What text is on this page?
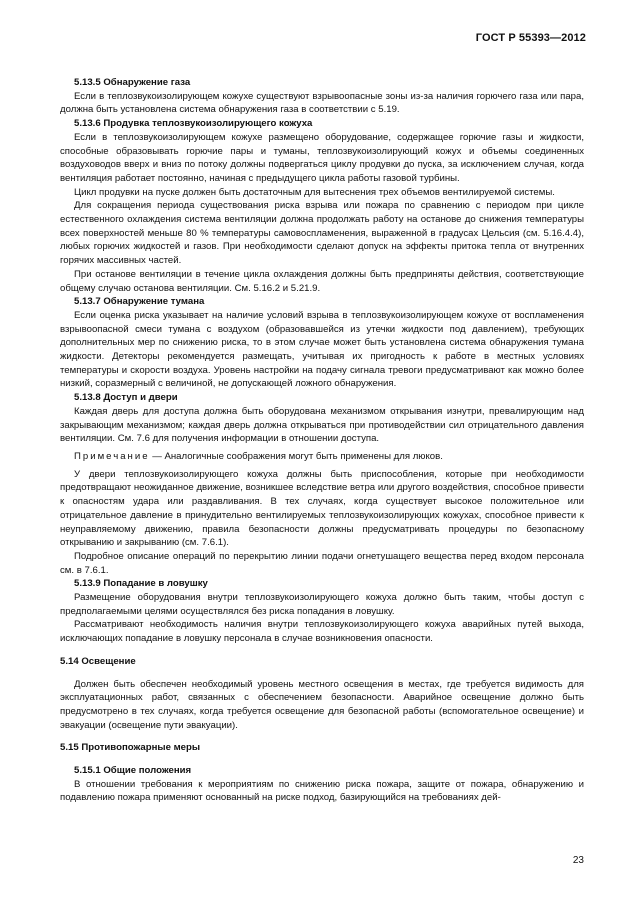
ГОСТ Р 55393—2012

5.13.5 Обнаружение газа

Если в теплозвукоизолирующем кожухе существуют взрывоопасные зоны из-за наличия горючего газа или пара, должна быть установлена система обнаружения газа в соответствии с 5.19.

5.13.6 Продувка теплозвукоизолирующего кожуха

Если в теплозвукоизолирующем кожухе размещено оборудование, содержащее горючие газы и жидкости, способные образовывать горючие пары и туманы, теплозвукоизолирующий кожух и объемы соединенных воздуховодов вверх и вниз по потоку должны подвергаться циклу продувки до пуска, за исключением случая, когда вентиляция работает постоянно, начиная с предыдущего цикла работы газовой турбины.

Цикл продувки на пуске должен быть достаточным для вытеснения трех объемов вентилируемой системы.

Для сокращения периода существования риска взрыва или пожара по сравнению с периодом при цикле естественного охлаждения система вентиляции должна продолжать работу на останове до снижения температуры всех поверхностей меньше 80 % температуры самовоспламенения, выраженной в градусах Цельсия (см. 5.16.4.4), любых горючих жидкостей и газов. При необходимости сделают допуск на эффекты притока тепла от внутренних горячих массивных частей.

При останове вентиляции в течение цикла охлаждения должны быть предприняты действия, соответствующие общему случаю останова вентиляции. См. 5.16.2 и 5.21.9.

5.13.7 Обнаружение тумана

Если оценка риска указывает на наличие условий взрыва в теплозвукоизолирующем кожухе от воспламенения взрывоопасной смеси тумана с воздухом (образовавшейся из утечки жидкости под давлением), требующих дополнительных мер по снижению риска, то в этом случае может быть установлена система обнаружения тумана жидкости. Детекторы рекомендуется размещать, учитывая их пригодность к работе в местных условиях температуры и скорости воздуха. Уровень настройки на подачу сигнала тревоги предусматривают как можно более низкий, соразмерный с величиной, не допускающей ложного обнаружения.

5.13.8 Доступ и двери

Каждая дверь для доступа должна быть оборудована механизмом открывания изнутри, превалирующим над закрывающим механизмом; каждая дверь должна открываться при противодействии сил отрицательного давления вентиляции. См. 7.6 для получения информации в отношении доступа.

Примечание — Аналогичные соображения могут быть применены для люков.

У двери теплозвукоизолирующего кожуха должны быть приспособления, которые при необходимости предотвращают неожиданное движение, возникшее вследствие ветра или другого воздействия, способное привести к опасностям удара или раздавливания. В тех случаях, когда существует высокое положительное или отрицательное давление в принудительно вентилируемых теплозвукоизолирующих кожухах, способное привести к неуправляемому движению, правила безопасности должны предусматривать процедуры по безопасному открыванию и закрыванию (см. 7.6.1).

Подробное описание операций по перекрытию линии подачи огнетушащего вещества перед входом персонала см. в 7.6.1.

5.13.9 Попадание в ловушку

Размещение оборудования внутри теплозвукоизолирующего кожуха должно быть таким, чтобы доступ с предполагаемыми целями осуществлялся без риска попадания в ловушку.

Рассматривают необходимость наличия внутри теплозвукоизолирующего кожуха аварийных путей выхода, исключающих попадание в ловушку персонала в случае возникновения опасности.

5.14 Освещение

Должен быть обеспечен необходимый уровень местного освещения в местах, где требуется видимость для эксплуатационных работ, связанных с обеспечением безопасности. Аварийное освещение должно быть предусмотрено в тех случаях, когда требуется освещение для безопасной работы (вспомогательное освещение) и эвакуации (освещение пути эвакуации).

5.15 Противопожарные меры

5.15.1 Общие положения

В отношении требования к мероприятиям по снижению риска пожара, защите от пожара, обнаружению и подавлению пожара применяют основанный на риске подход, базирующийся на требованиях дей-

23
